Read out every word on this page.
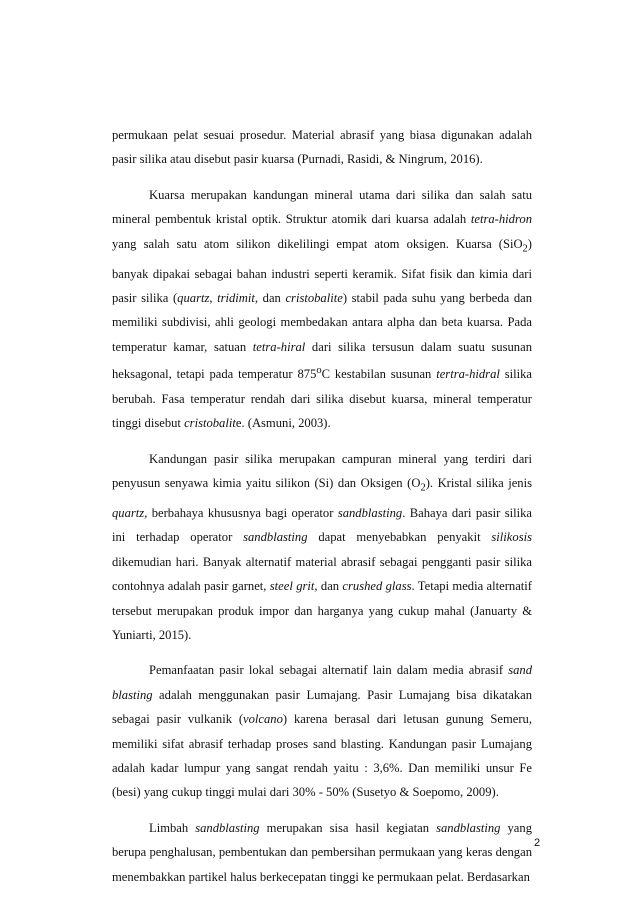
permukaan pelat sesuai prosedur. Material abrasif yang biasa digunakan adalah pasir silika atau disebut pasir kuarsa (Purnadi, Rasidi, & Ningrum, 2016).

Kuarsa merupakan kandungan mineral utama dari silika dan salah satu mineral pembentuk kristal optik. Struktur atomik dari kuarsa adalah tetra-hidron yang salah satu atom silikon dikelilingi empat atom oksigen. Kuarsa (SiO$_2$) banyak dipakai sebagai bahan industri seperti keramik. Sifat fisik dan kimia dari pasir silika (quartz, tridimit, dan cristobalite) stabil pada suhu yang berbeda dan memiliki subdivisi, ahli geologi membedakan antara alpha dan beta kuarsa. Pada temperatur kamar, satuan tetra-hiral dari silika tersusun dalam suatu susunan heksagonal, tetapi pada temperatur 875$^o$C kestabilan susunan tertra-hidral silika berubah. Fasa temperatur rendah dari silika disebut kuarsa, mineral temperatur tinggi disebut cristobalite. (Asmuni, 2003).

Kandungan pasir silika merupakan campuran mineral yang terdiri dari penyusun senyawa kimia yaitu silikon (Si) dan Oksigen $(O_2)$. Kristal silika jenis quartz, berbahaya khususnya bagi operator sandblasting. Bahaya dari pasir silika ini terhadap operator sandblasting dapat menyebabkan penyakit silikosis dikemudian hari. Banyak alternatif material abrasif sebagai pengganti pasir silika contohnya adalah pasir garnet, steel grit, dan crushed glass. Tetapi media alternatif tersebut merupakan produk impor dan harganya yang cukup mahal (Januarty & Yuniarti, 2015).

Pemanfaatan pasir lokal sebagai alternatif lain dalam media abrasif sand blasting adalah menggunakan pasir Lumajang. Pasir Lumajang bisa dikatakan sebagai pasir vulkanik (volcano) karena berasal dari letusan gunung Semeru, memiliki sifat abrasif terhadap proses sand blasting. Kandungan pasir Lumajang adalah kadar lumpur yang sangat rendah yaitu : 3,6%. Dan memiliki unsur Fe (besi) yang cukup tinggi mulai dari 30% - 50% (Susetyo & Soepomo, 2009).

Limbah sandblasting merupakan sisa hasil kegiatan sandblasting yang berupa penghalusan, pembentukan dan pembersihan permukaan yang keras dengan menembakkan partikel halus berkecepatan tinggi ke permukaan pelat. Berdasarkan

2
